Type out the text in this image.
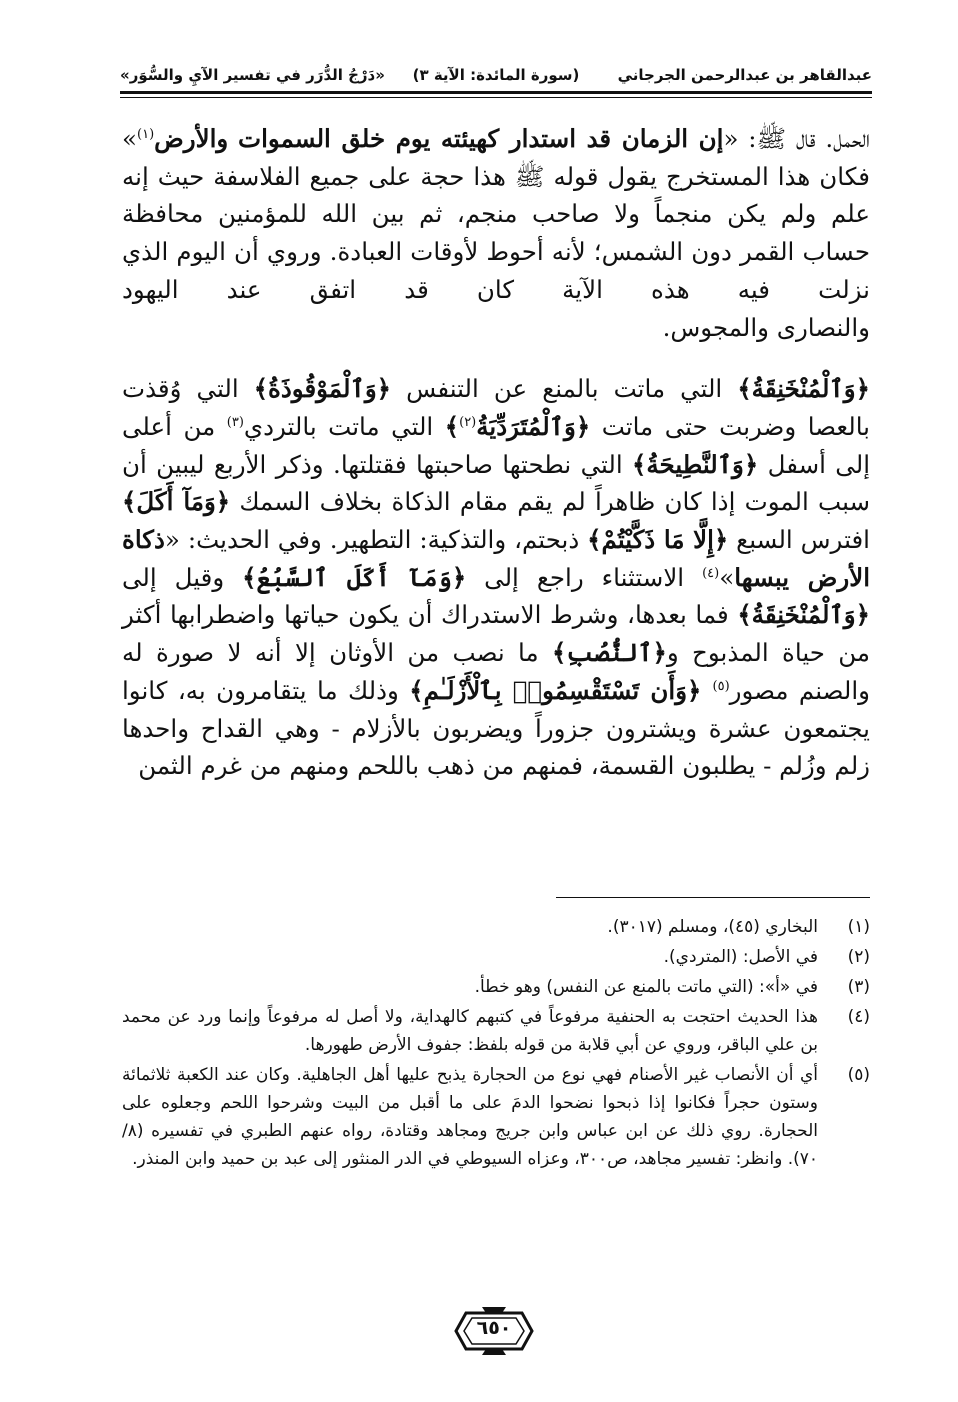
عبدالقاهر بن عبدالرحمن الجرجاني
(سورة المائدة: الآية ٣)
«دَرْجُ الدُّرَر في تفسير الآيِ والسُّوَر»

الحمل. قال ﷺ: «إن الزمان قد استدار كهيئته يوم خلق السموات والأرض$^{(١)}$» فكان هذا المستخرج يقول قوله ﷺ هذا حجة على جميع الفلاسفة حيث إنه علم ولم يكن منجماً ولا صاحب منجم، ثم بين الله للمؤمنين محافظة حساب القمر دون الشمس؛ لأنه أحوط لأوقات العبادة. وروي أن اليوم الذي نزلت فيه هذه الآية كان قد اتفق عند اليهود

والنصارى والمجوس.

﴿وَٱلْمُنْخَنِقَةُ﴾ التي ماتت بالمنع عن التنفس ﴿وَٱلْمَوْقُوذَةُ﴾ التي وُقذت بالعصا وضربت حتى ماتت ﴿وَٱلْمُتَرَدِّيَةُ$^{(٢)}$﴾ التي ماتت بالتردي$^{(٣)}$ من أعلى إلى أسفل ﴿وَٱلنَّطِيحَةُ﴾ التي نطحتها صاحبتها فقتلتها. وذكر الأربع ليبين أن سبب الموت إذا كان ظاهراً لم يقم مقام الذكاة بخلاف السمك ﴿وَمَآ أَكَلَ﴾ افترس السبع ﴿إِلَّا مَا ذَكَّيْتُمْ﴾ ذبحتم، والتذكية: التطهير. وفي الحديث: «ذكاة الأرض يبسها»$^{(٤)}$ الاستثناء راجع إلى ﴿وَمَآ أَكَلَ ٱلسَّبُعُ﴾ وقيل إلى ﴿وَٱلْمُنْخَنِقَةُ﴾ فما بعدها، وشرط الاستدراك أن يكون حياتها واضطرابها أكثر من حياة المذبوح و﴿ٱلنُّصُبِ﴾ ما نصب من الأوثان إلا أنه لا صورة له والصنم مصور$^{(٥)}$ ﴿وَأَن تَسْتَقْسِمُوا۟ بِٱلْأَزْلَـٰمِ﴾ وذلك ما يتقامرون به، كانوا يجتمعون عشرة ويشترون جزوراً ويضربون بالأزلام - وهي القداح واحدها زلم وزُلم - يطلبون القسمة، فمنهم من ذهب باللحم ومنهم من غرم الثمن

(١)
البخاري (٤٥)، ومسلم (٣٠١٧).
(٢)
في الأصل: (المتردي).
(٣)
في «أ»: (التي ماتت بالمنع عن النفس) وهو خطأ.
(٤)
هذا الحديث احتجت به الحنفية مرفوعاً في كتبهم كالهداية، ولا أصل له مرفوعاً وإنما ورد عن محمد بن علي الباقر، وروي عن أبي قلابة من قوله بلفظ: جفوف الأرض طهورها.
(٥)
أي أن الأنصاب غير الأصنام فهي نوع من الحجارة يذبح عليها أهل الجاهلية. وكان عند الكعبة ثلاثمائة وستون حجراً فكانوا إذا ذبحوا نضحوا الدمَ على ما أقبل من البيت وشرحوا اللحم وجعلوه على الحجارة. روي ذلك عن ابن عباس وابن جريج ومجاهد وقتادة، رواه عنهم الطبري في تفسيره (٨/ ٧٠). وانظر: تفسير مجاهد، ص٣٠٠، وعزاه السيوطي في الدر المنثور إلى عبد بن حميد وابن المنذر.
٦٥٠
